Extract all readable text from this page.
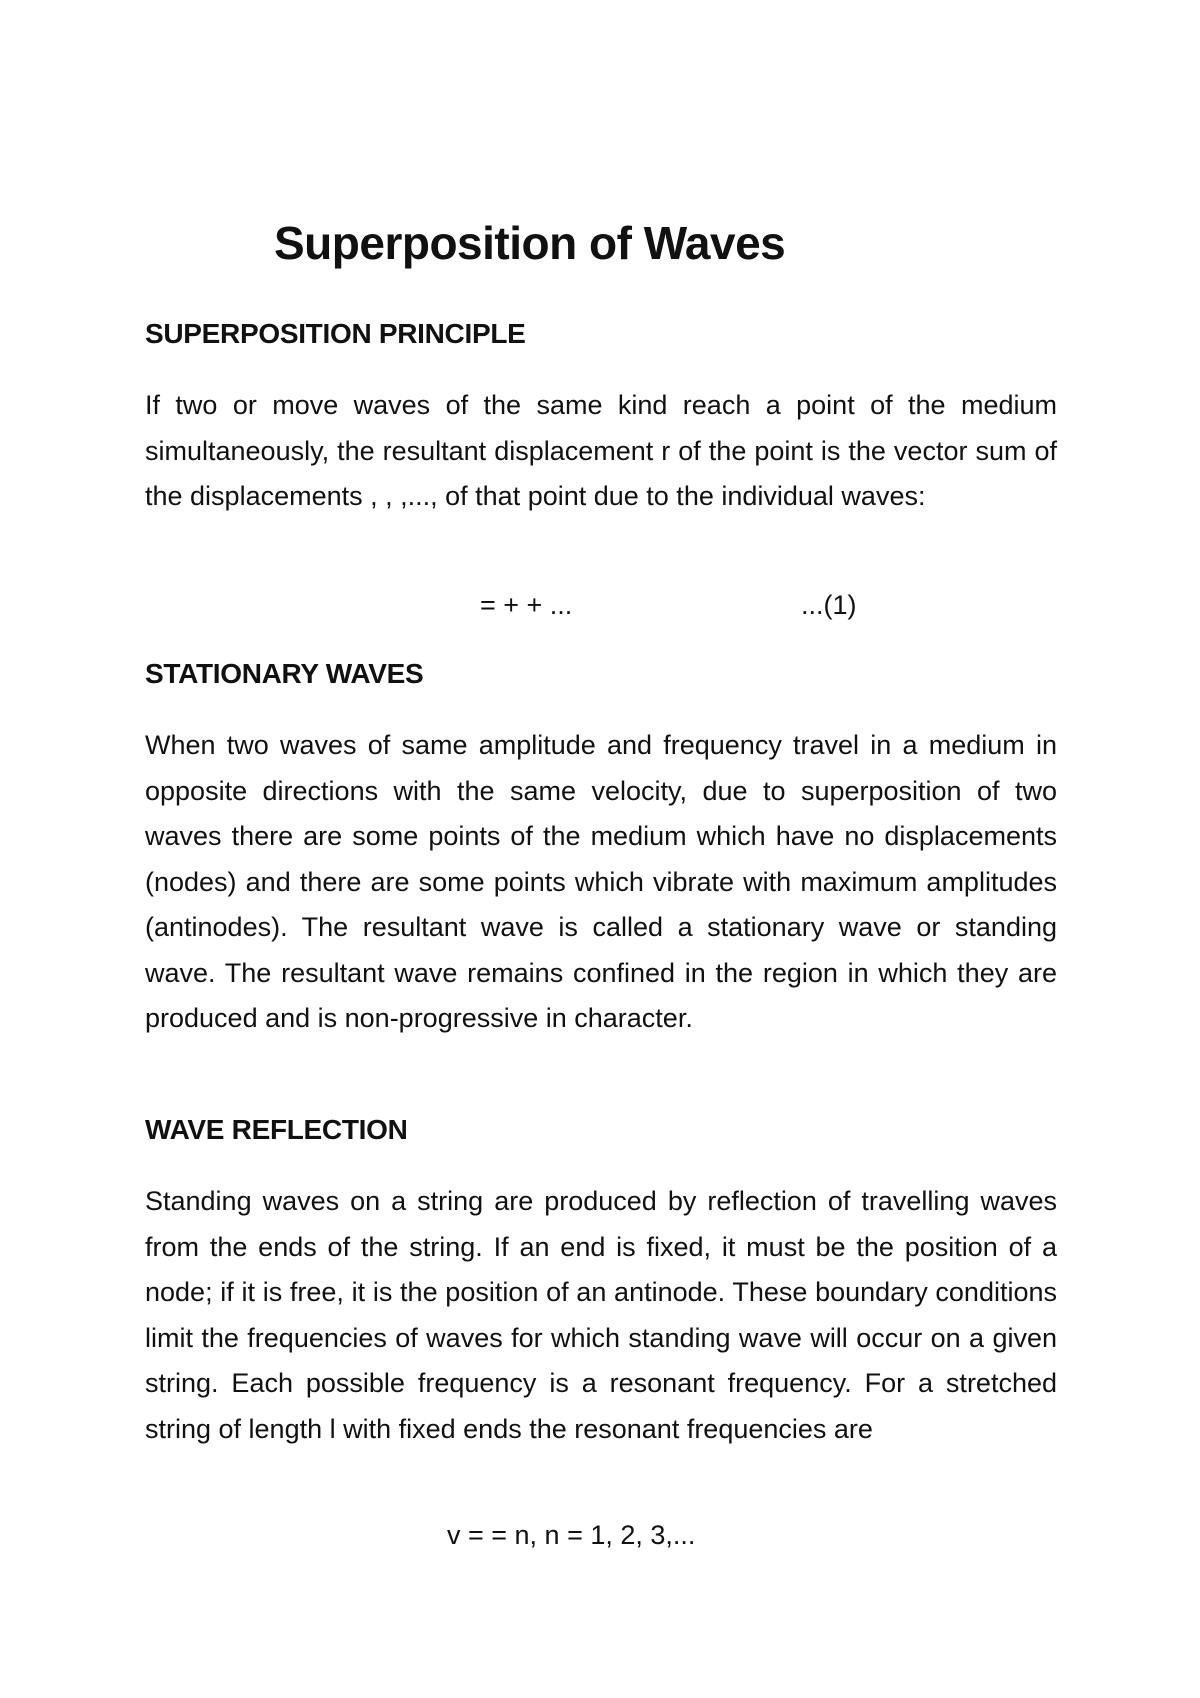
Superposition of Waves
SUPERPOSITION PRINCIPLE

If two or move waves of the same kind reach a point of the medium simultaneously, the resultant displacement r of the point is the vector sum of the displacements , , ,..., of that point due to the individual waves:

= + + ...	...(1)
STATIONARY WAVES

When two waves of same amplitude and frequency travel in a medium in opposite directions with the same velocity, due to superposition of two waves there are some points of the medium which have no displacements (nodes) and there are some points which vibrate with maximum amplitudes (antinodes). The resultant wave is called a stationary wave or standing wave. The resultant wave remains confined in the region in which they are produced and is non-progressive in character.

WAVE REFLECTION

Standing waves on a string are produced by reflection of travelling waves from the ends of the string. If an end is fixed, it must be the position of a node; if it is free, it is the position of an antinode. These boundary conditions limit the frequencies of waves for which standing wave will occur on a given string. Each possible frequency is a resonant frequency. For a stretched string of length l with fixed ends the resonant frequencies are

v = = n, n = 1, 2, 3,...
